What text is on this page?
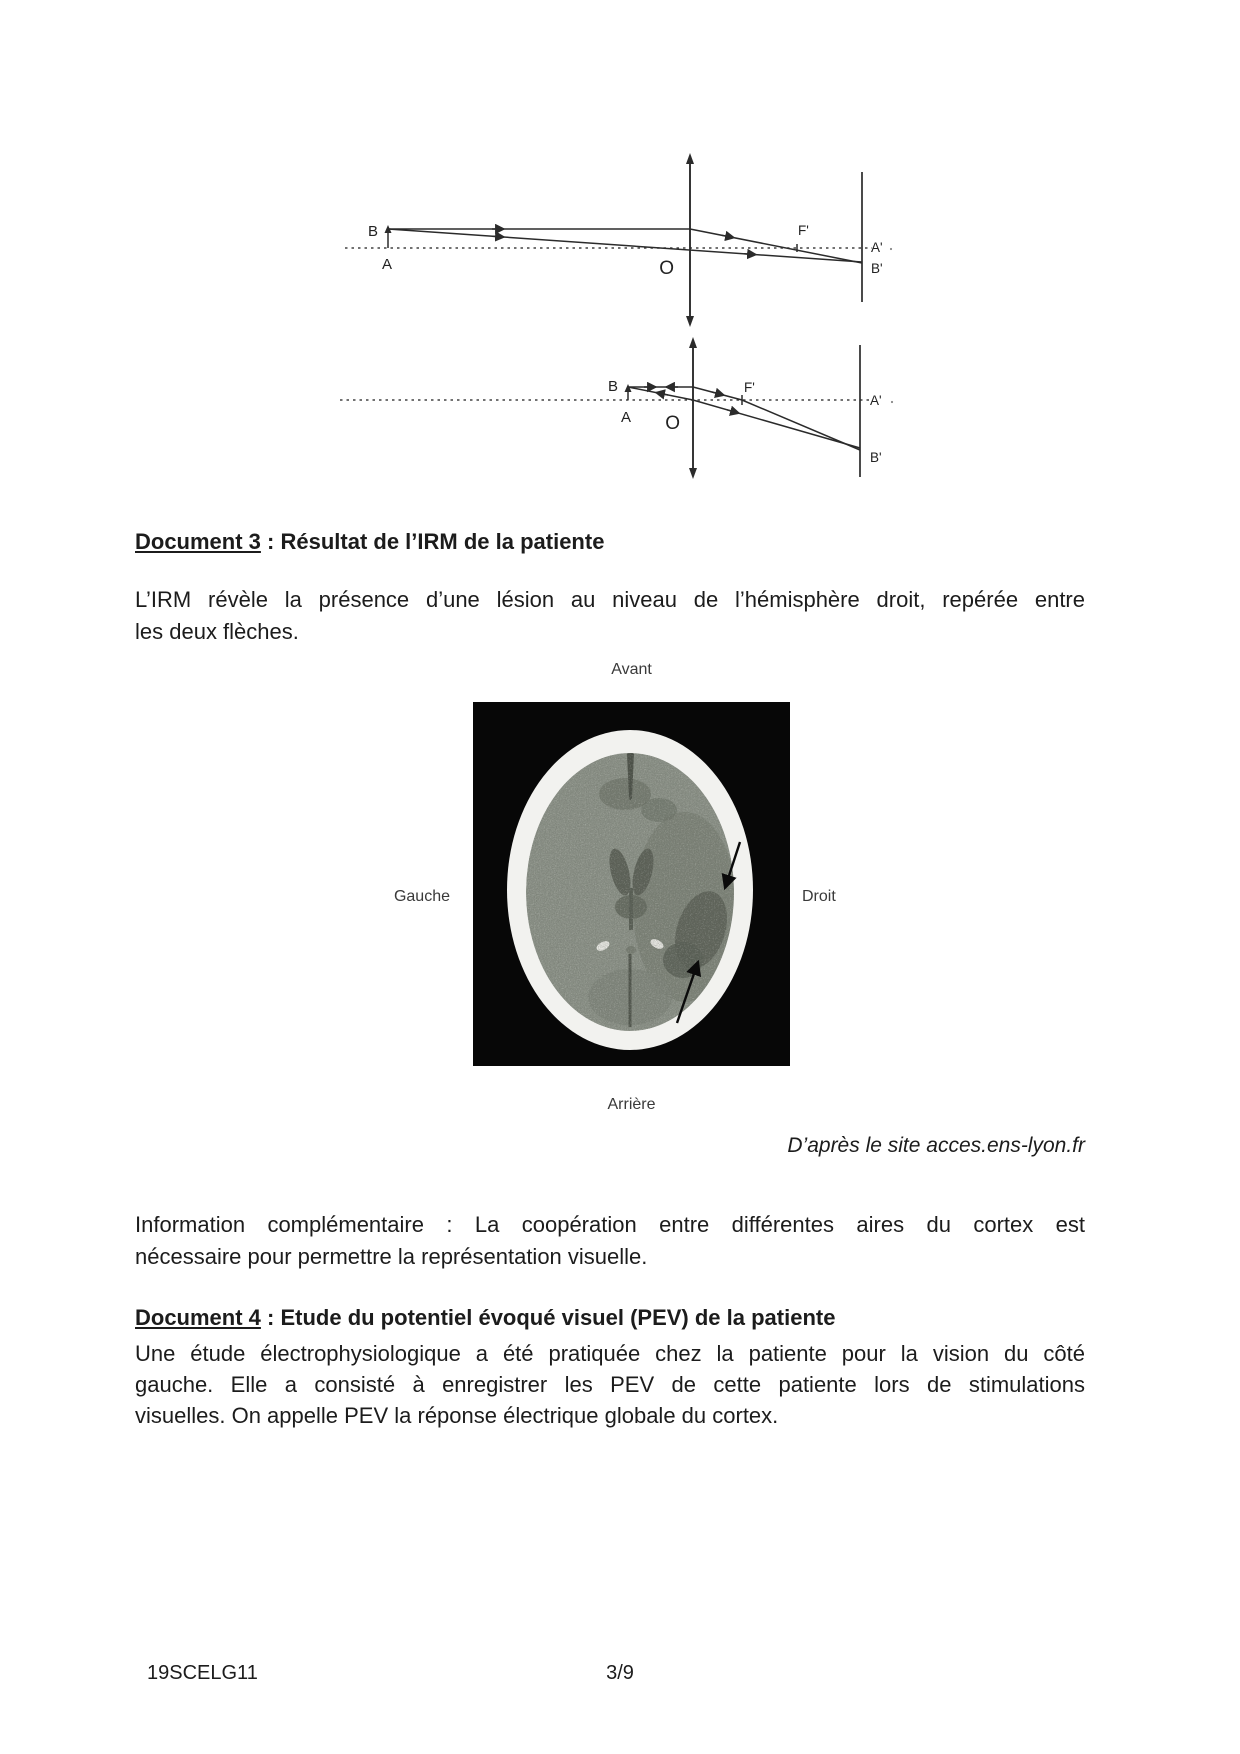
B
A	O
F'
A'
B'
B
A O
F'
A'
B'
Document 3 : Résultat de l’IRM de la patiente
L’IRM révèle la présence d’une lésion au niveau de l’hémisphère droit, repérée entre
les deux flèches.
Avant
Gauche	Droit
Arrière
D’après le site acces.ens-lyon.fr
Information complémentaire : La coopération entre différentes aires du cortex est
nécessaire pour permettre la représentation visuelle.
Document 4 : Etude du potentiel évoqué visuel (PEV) de la patiente
Une étude électrophysiologique a été pratiquée chez la patiente pour la vision du côté
gauche. Elle a consisté à enregistrer les PEV de cette patiente lors de stimulations
visuelles. On appelle PEV la réponse électrique globale du cortex.
19SCELG11	3/9
